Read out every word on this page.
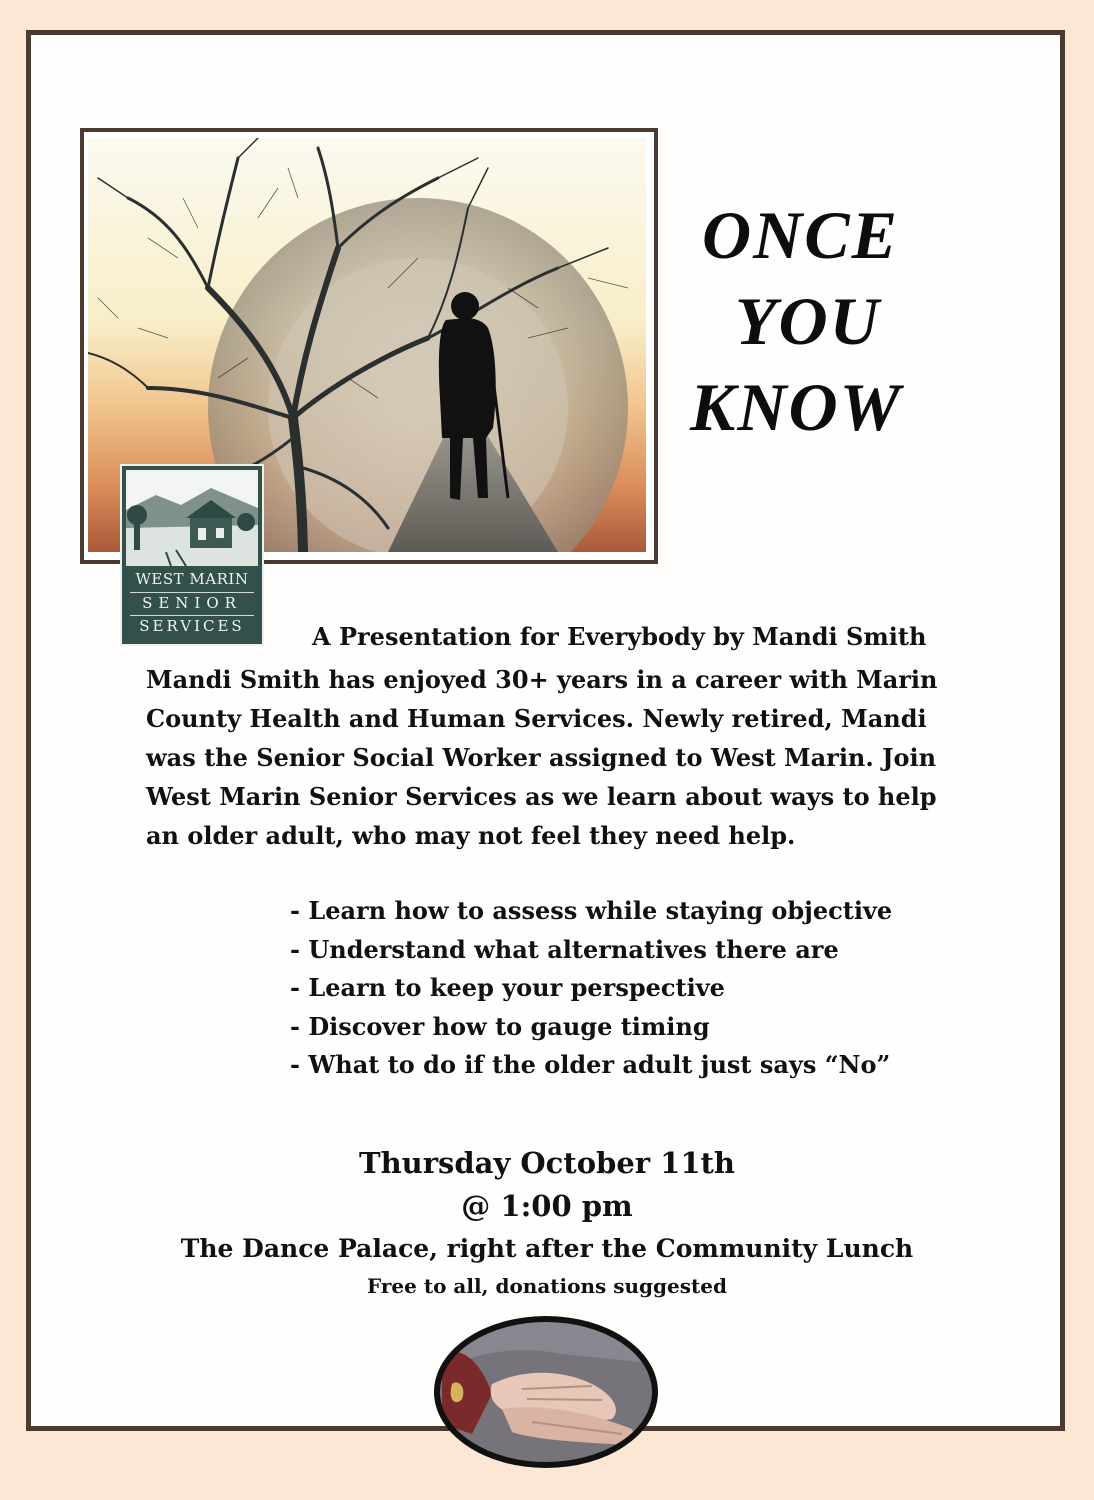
WEST MARIN
SENIOR
SERVICES
ONCE
YOU
KNOW
A Presentation for Everybody by Mandi Smith
Mandi Smith has enjoyed 30+ years in a career with Marin
County Health and Human Services. Newly retired, Mandi
was the Senior Social Worker assigned to West Marin. Join
West Marin Senior Services as we learn about ways to help
an older adult, who may not feel they need help.
- Learn how to assess while staying objective
- Understand what alternatives there are
- Learn to keep your perspective
- Discover how to gauge timing
- What to do if the older adult just says “No”
Thursday October 11th
@ 1:00 pm
The Dance Palace, right after the Community Lunch
Free to all, donations suggested
